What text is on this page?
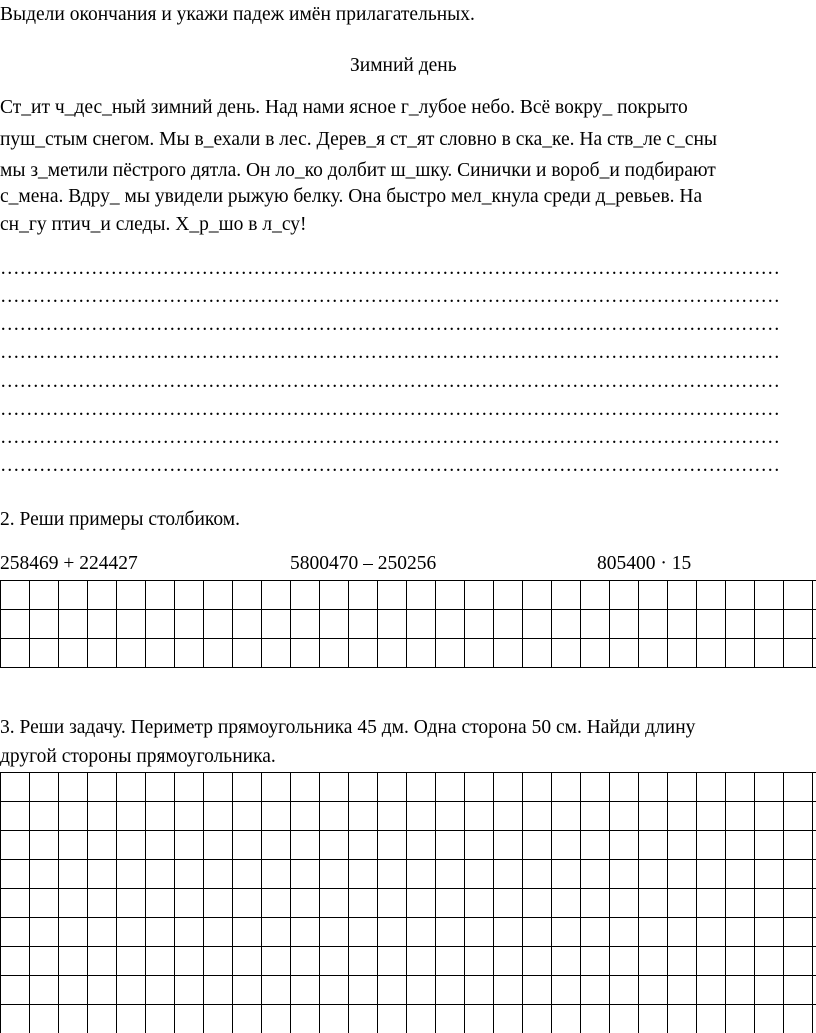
Выдели окончания и укажи падеж имён прилагательных.
Зимний день
Ст_ит ч_дес_ный зимний день. Над нами ясное г_лубое небо. Всё вокру_ покрыто
пуш_стым снегом. Мы в_ехали в лес. Дерев_я ст_ят словно в ска_ке. На ств_ле с_сны
мы з_метили пёстрого дятла. Он ло_ко долбит ш_шку. Синички и вороб_и подбирают
с_мена. Вдру_ мы увидели рыжую белку. Она быстро мел_кнула среди д_ревьев. На
сн_гу птич_и следы. Х_р_шо в л_су!
…………………………………………………………………………………………………………
…………………………………………………………………………………………………………
…………………………………………………………………………………………………………
…………………………………………………………………………………………………………
…………………………………………………………………………………………………………
…………………………………………………………………………………………………………
…………………………………………………………………………………………………………
…………………………………………………………………………………………………………
2. Реши примеры столбиком.
258469 + 224427	5800470 – 250256	805400 · 15
3. Реши задачу. Периметр прямоугольника 45 дм. Одна сторона 50 см. Найди длину
другой стороны прямоугольника.
